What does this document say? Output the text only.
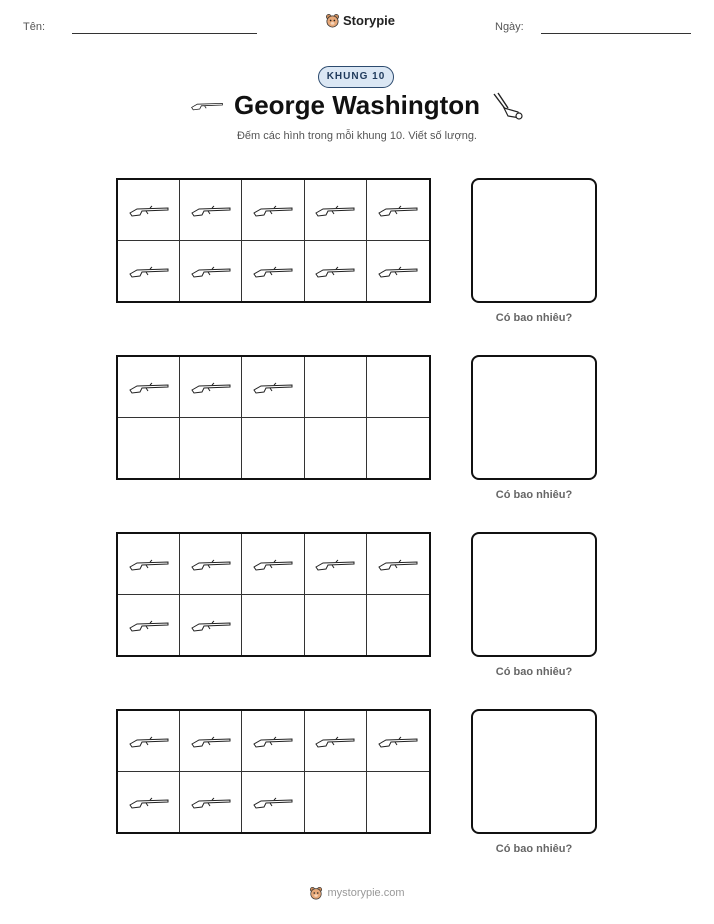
Tên:	Storypie	Ngày:
KHUNG 10
George Washington
Đếm các hình trong mỗi khung 10. Viết số lượng.
Có bao nhiêu?
Có bao nhiêu?
Có bao nhiêu?
Có bao nhiêu?
mystorypie.com
